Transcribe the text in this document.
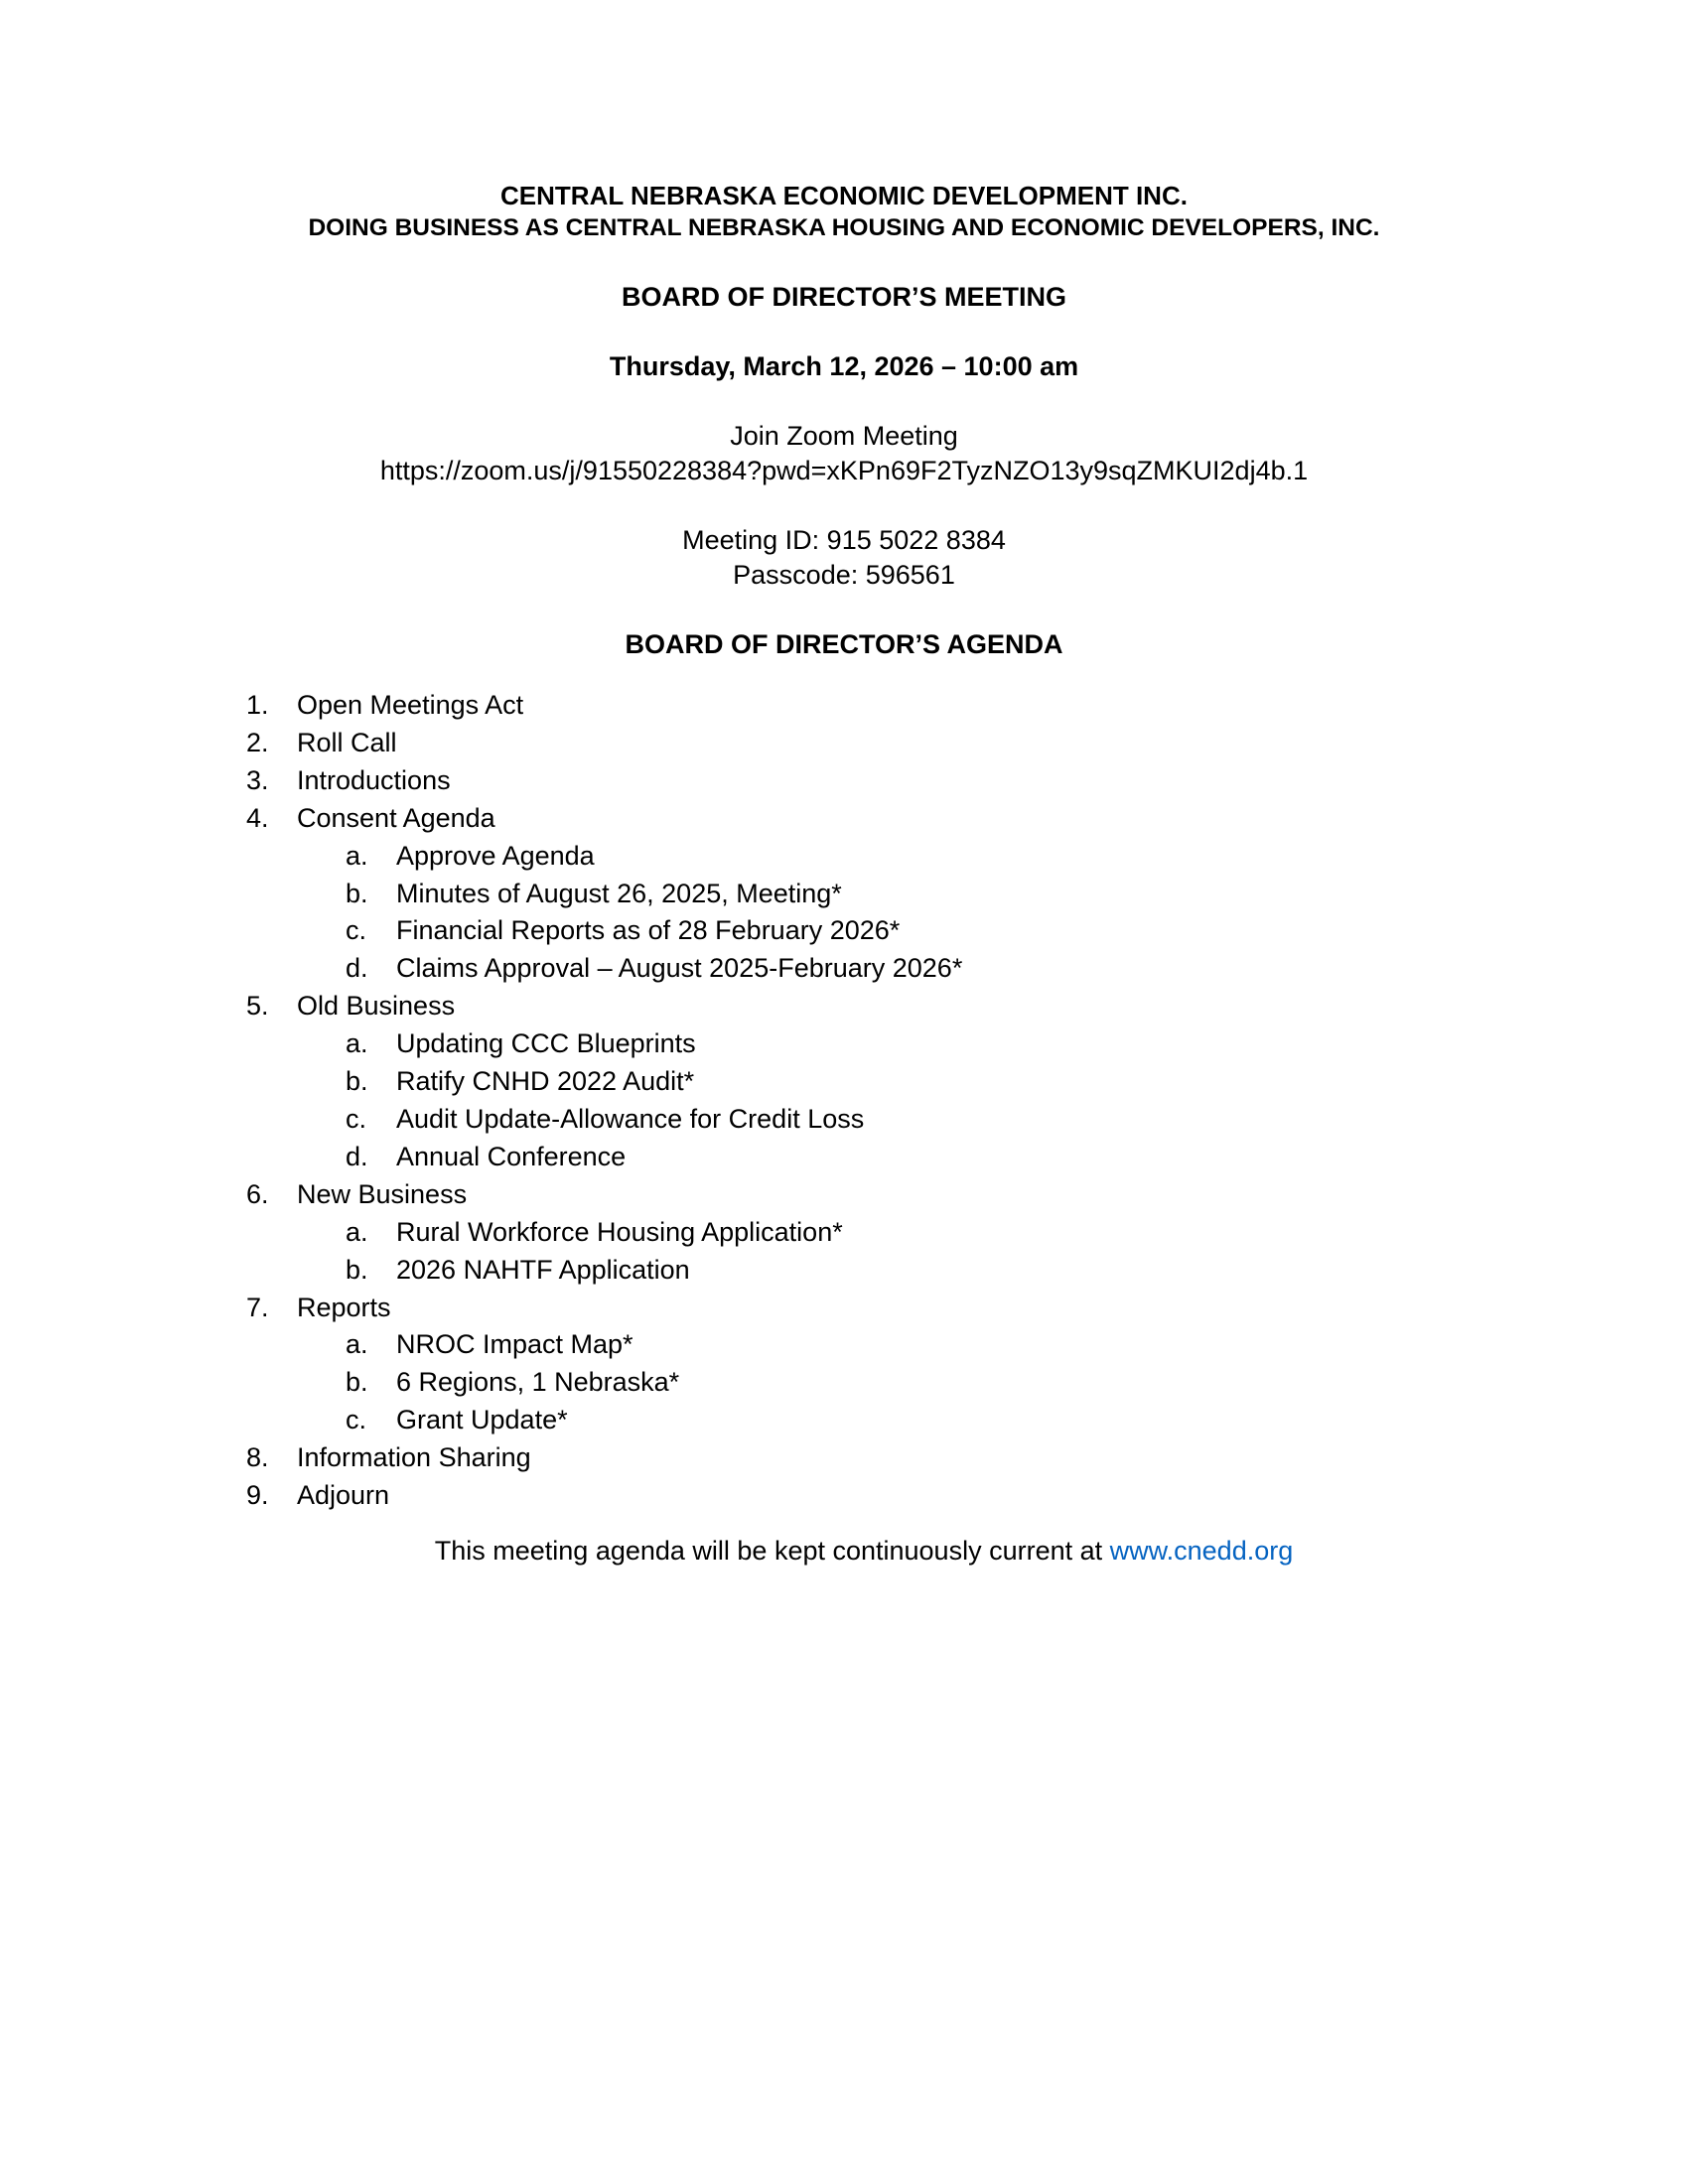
CENTRAL NEBRASKA ECONOMIC DEVELOPMENT INC.
DOING BUSINESS AS CENTRAL NEBRASKA HOUSING AND ECONOMIC DEVELOPERS, INC.
BOARD OF DIRECTOR’S MEETING
Thursday, March 12, 2026 – 10:00 am
Join Zoom Meeting
https://zoom.us/j/91550228384?pwd=xKPn69F2TyzNZO13y9sqZMKUI2dj4b.1
Meeting ID: 915 5022 8384
Passcode: 596561
BOARD OF DIRECTOR’S AGENDA
1.	Open Meetings Act
2.	Roll Call
3.	Introductions
4.	Consent Agenda
a.	Approve Agenda
b.	Minutes of August 26, 2025, Meeting*
c.	Financial Reports as of 28 February 2026*
d.	Claims Approval – August 2025-February 2026*
5.	Old Business
a.	Updating CCC Blueprints
b.	Ratify CNHD 2022 Audit*
c.	Audit Update-Allowance for Credit Loss
d.	Annual Conference
6.	New Business
a.	Rural Workforce Housing Application*
b.	2026 NAHTF Application
7.	Reports
a.	NROC Impact Map*
b.	6 Regions, 1 Nebraska*
c.	Grant Update*
8.	Information Sharing
9.	Adjourn
This meeting agenda will be kept continuously current at www.cnedd.org
